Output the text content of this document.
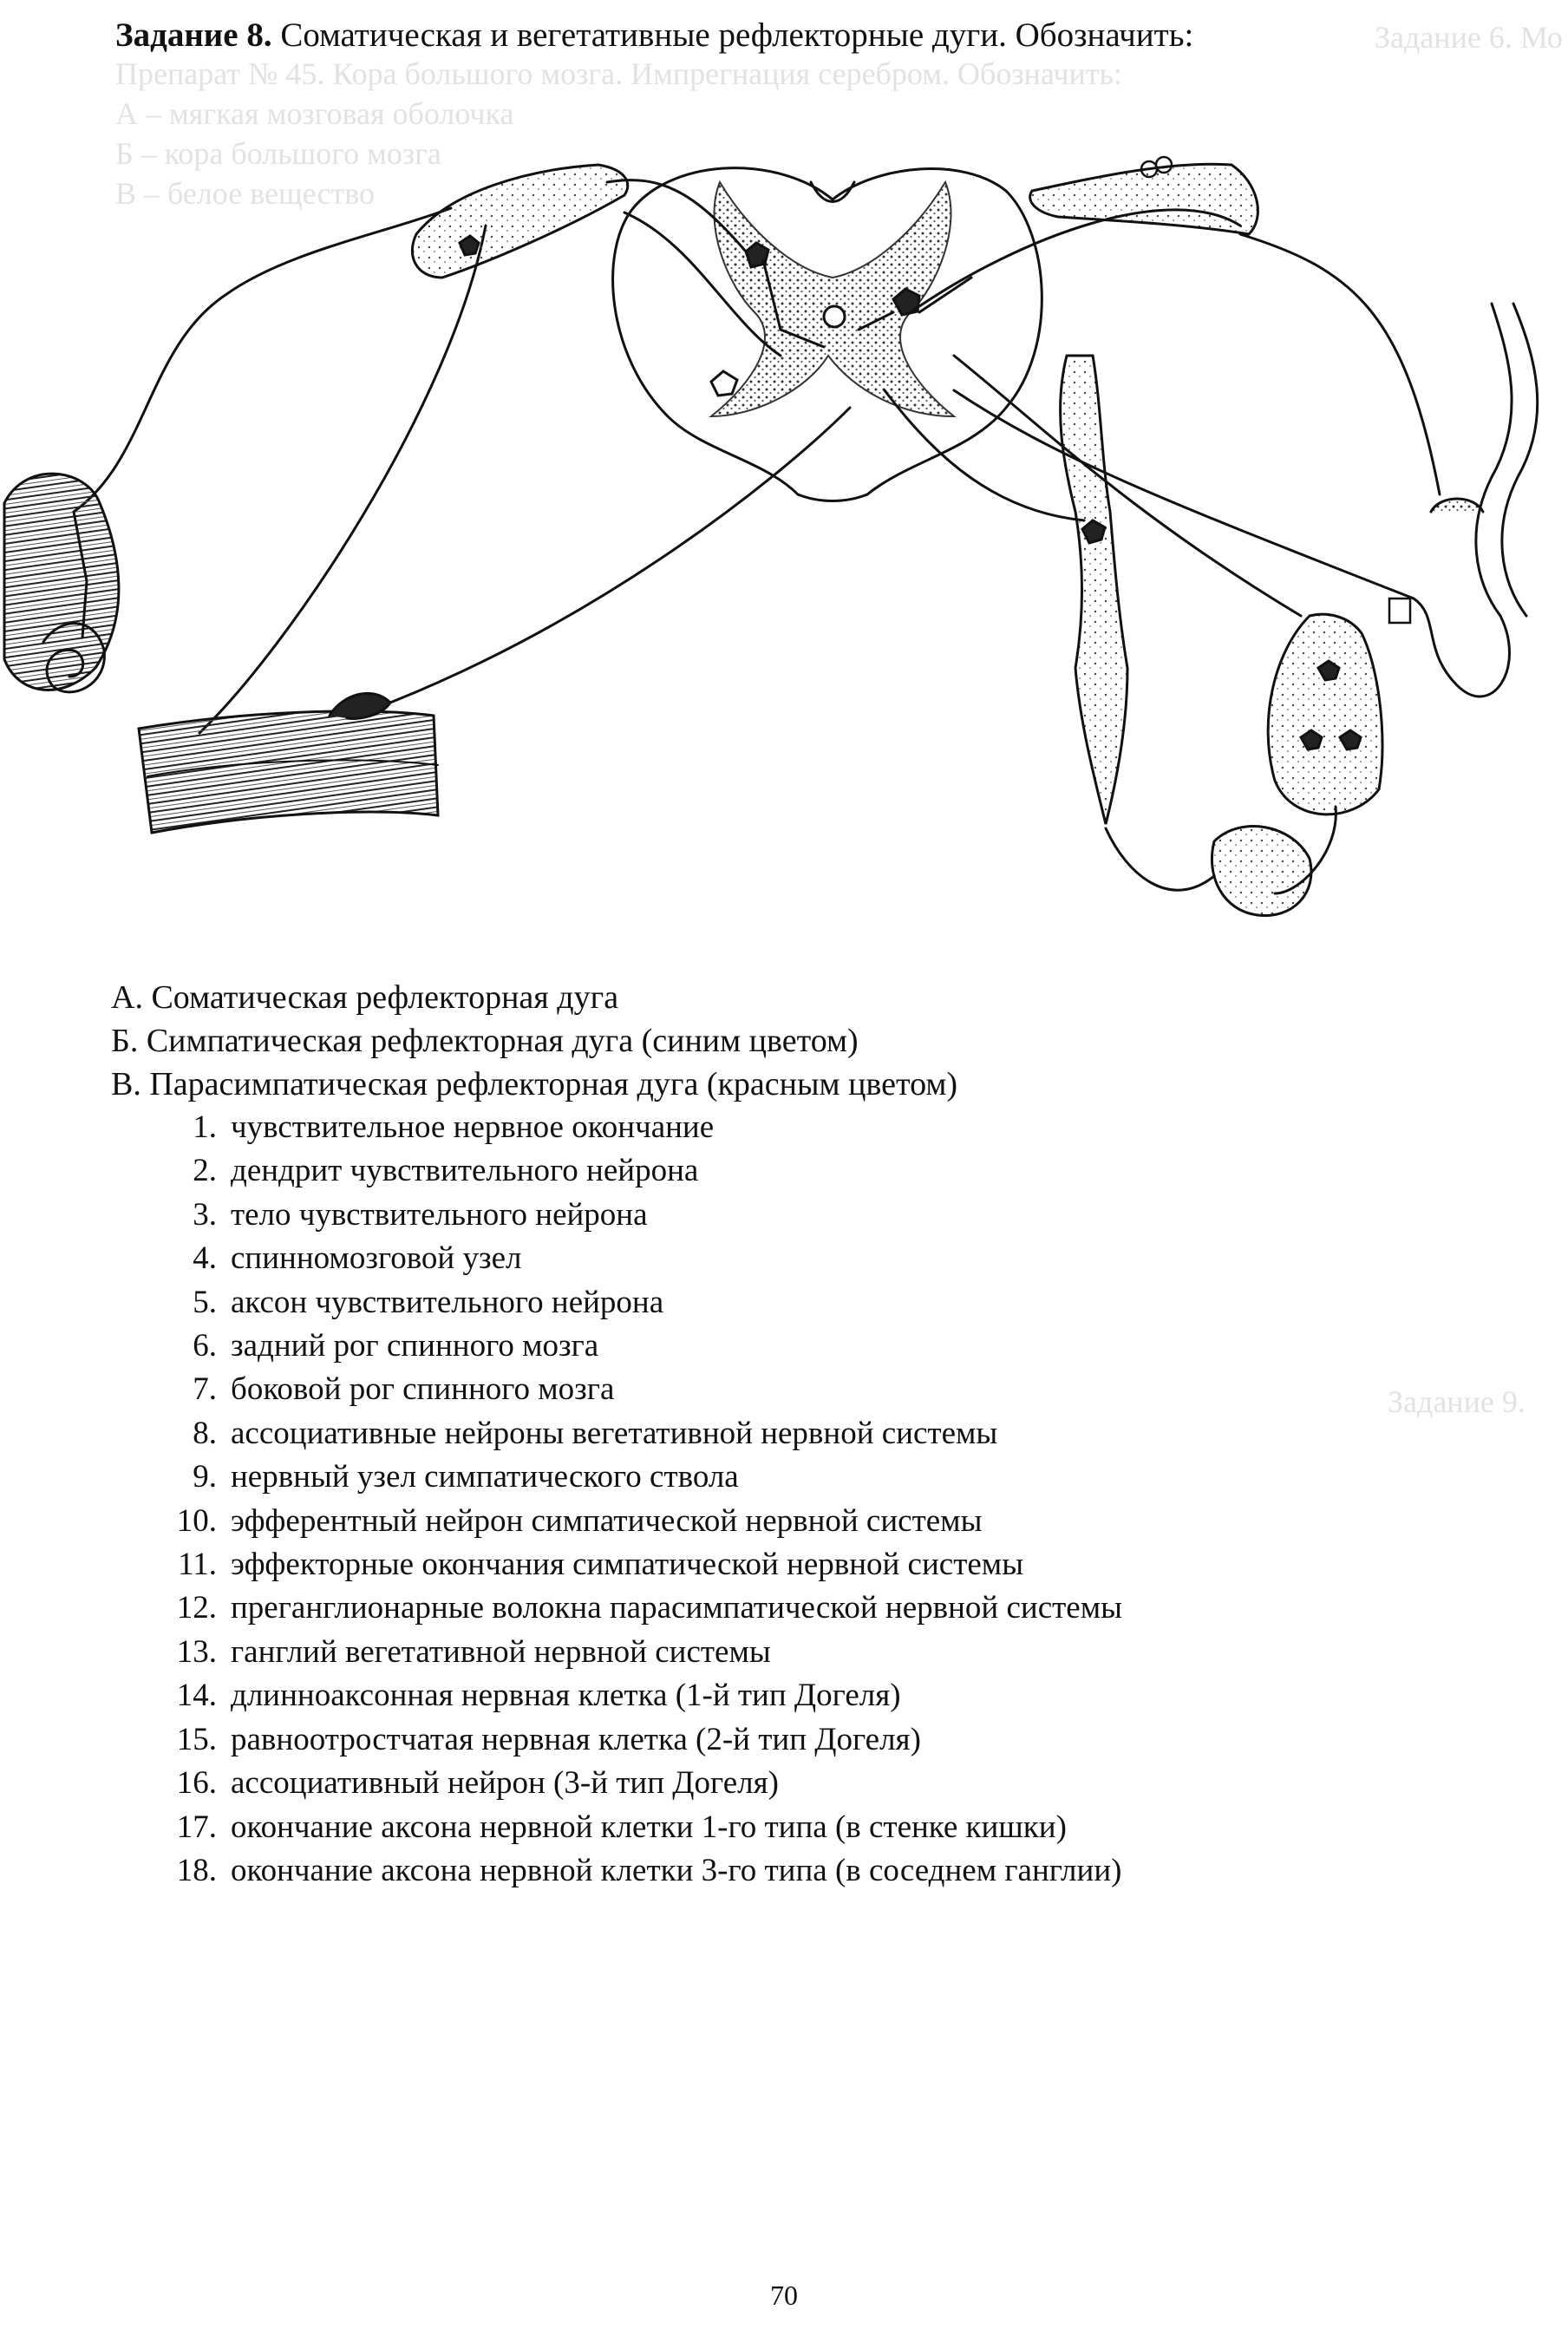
Задание 6. Мо
Препарат № 45. Кора большого мозга. Импрегнация серебром. Обозначить:
А – мягкая мозговая оболочка
Б – кора большого мозга
В – белое вещество
Задание 9.
Задание 8. Соматическая и вегетативные рефлекторные дуги. Обозначить:
А. Соматическая рефлекторная дуга
Б. Симпатическая рефлекторная дуга (синим цветом)
В. Парасимпатическая рефлекторная дуга (красным цветом)
1. чувствительное нервное окончание
2. дендрит чувствительного нейрона
3. тело чувствительного нейрона
4. спинномозговой узел
5. аксон чувствительного нейрона
6. задний рог спинного мозга
7. боковой рог спинного мозга
8. ассоциативные нейроны вегетативной нервной системы
9. нервный узел симпатического ствола
10. эфферентный нейрон симпатической нервной системы
11. эффекторные окончания симпатической нервной системы
12. преганглионарные волокна парасимпатической нервной системы
13. ганглий вегетативной нервной системы
14. длинноаксонная нервная клетка (1-й тип Догеля)
15. равноотростчатая нервная клетка (2-й тип Догеля)
16. ассоциативный нейрон (3-й тип Догеля)
17. окончание аксона нервной клетки 1-го типа (в стенке кишки)
18. окончание аксона нервной клетки 3-го типа (в соседнем ганглии)
70
